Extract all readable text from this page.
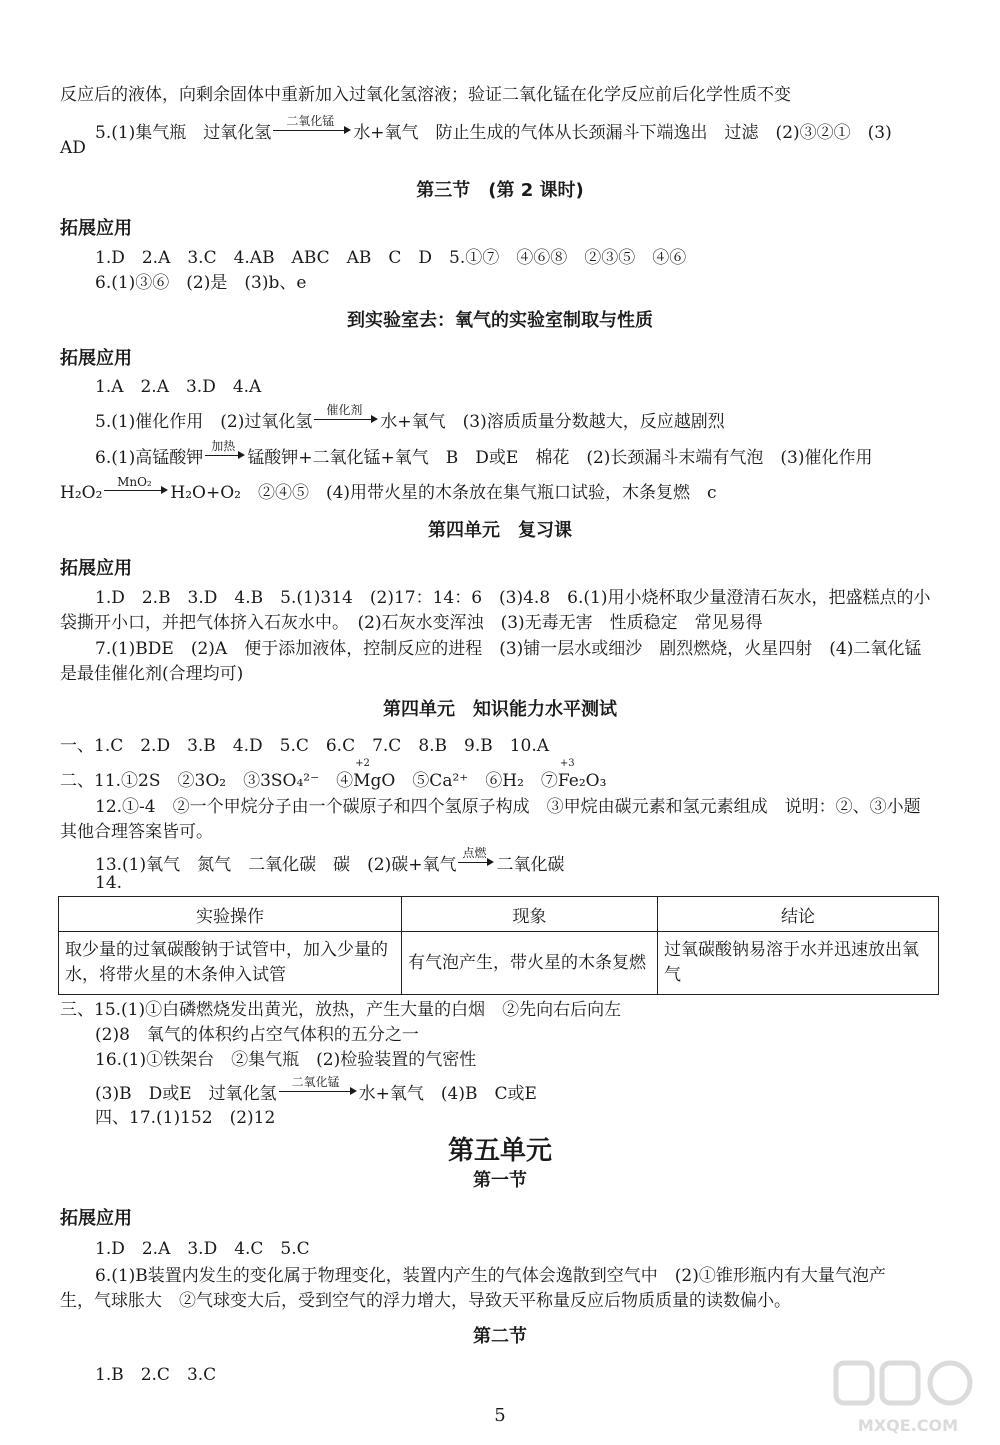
反应后的液体，向剩余固体中重新加入过氧化氢溶液；验证二氧化锰在化学反应前后化学性质不变
5.(1)集气瓶　过氧化氢
二氧化锰
水+氧气　防止生成的气体从长颈漏斗下端逸出　过滤　(2)③②①　(3)
AD
第三节　(第 2 课时)
拓展应用
1.D　2.A　3.C　4.AB　ABC　AB　C　D　5.①⑦　④⑥⑧　②③⑤　④⑥
6.(1)③⑥　(2)是　(3)b、e
到实验室去：氧气的实验室制取与性质
拓展应用
1.A　2.A　3.D　4.A
5.(1)催化作用　(2)过氧化氢
催化剂
水+氧气　(3)溶质质量分数越大，反应越剧烈
6.(1)高锰酸钾
加热
锰酸钾+二氧化锰+氧气　B　D或E　棉花　(2)长颈漏斗末端有气泡　(3)催化作用
H₂O₂
MnO₂
H₂O+O₂　②④⑤　(4)用带火星的木条放在集气瓶口试验，木条复燃　c
第四单元　复习课
拓展应用
1.D　2.B　3.D　4.B　5.(1)314　(2)17：14：6　(3)4.8　6.(1)用小烧杯取少量澄清石灰水，把盛糕点的小
袋撕开小口，并把气体挤入石灰水中。　(2)石灰水变浑浊　(3)无毒无害　性质稳定　常见易得
7.(1)BDE　(2)A　便于添加液体，控制反应的进程　(3)铺一层水或细沙　剧烈燃烧，火星四射　(4)二氧化锰
是最佳催化剂(合理均可)
第四单元　知识能力水平测试
一、1.C　2.D　3.B　4.D　5.C　6.C　7.C　8.B　9.B　10.A
二、11.①2S　②3O₂　③3SO₄²⁻　④
+2
MgO　⑤Ca²⁺　⑥H₂　⑦
+3
Fe₂O₃
12.①-4　②一个甲烷分子由一个碳原子和四个氢原子构成　③甲烷由碳元素和氢元素组成　说明：②、③小题
其他合理答案皆可。
13.(1)氧气　氮气　二氧化碳　碳　(2)碳+氧气
点燃
二氧化碳
14.
实验操作	现象	结论
取少量的过氧碳酸钠于试管中，加入少量的水，将带火星的木条伸入试管	有气泡产生，带火星的木条复燃	过氧碳酸钠易溶于水并迅速放出氧气
三、15.(1)①白磷燃烧发出黄光，放热，产生大量的白烟　②先向右后向左
(2)8　氧气的体积约占空气体积的五分之一
16.(1)①铁架台　②集气瓶　(2)检验装置的气密性
(3)B　D或E　过氧化氢
二氧化锰
水+氧气　(4)B　C或E
四、17.(1)152　(2)12
第五单元
第一节
拓展应用
1.D　2.A　3.D　4.C　5.C
6.(1)B装置内发生的变化属于物理变化，装置内产生的气体会逸散到空气中　(2)①锥形瓶内有大量气泡产
生，气球胀大　②气球变大后，受到空气的浮力增大，导致天平称量反应后物质质量的读数偏小。
第二节
1.B　2.C　3.C
5	MXQE.COM
